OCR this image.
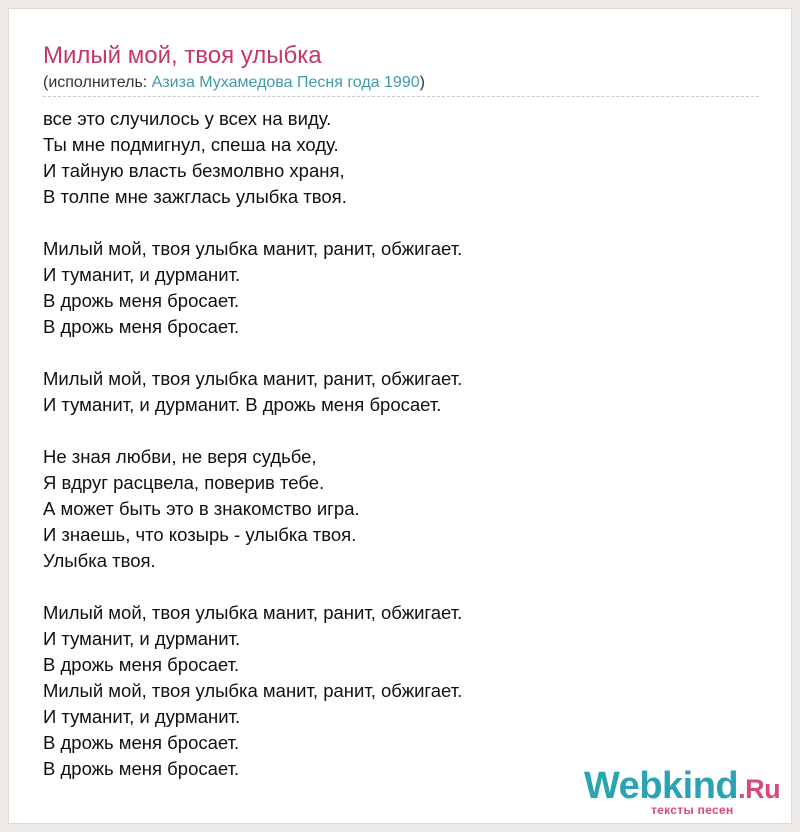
Милый мой, твоя улыбка
(исполнитель: Азиза Мухамедова Песня года 1990)
все это случилось у всех на виду.
Ты мне подмигнул, спеша на ходу.
И тайную власть безмолвно храня,
В толпе мне зажглась улыбка твоя.
Милый мой, твоя улыбка манит, ранит, обжигает.
И туманит, и дурманит.
В дрожь меня бросает.
В дрожь меня бросает.
Милый мой, твоя улыбка манит, ранит, обжигает.
И туманит, и дурманит. В дрожь меня бросает.
Не зная любви, не веря судьбе,
Я вдруг расцвела, поверив тебе.
А может быть это в знакомство игра.
И знаешь, что козырь - улыбка твоя.
Улыбка твоя.
Милый мой, твоя улыбка манит, ранит, обжигает.
И туманит, и дурманит.
В дрожь меня бросает.
Милый мой, твоя улыбка манит, ранит, обжигает.
И туманит, и дурманит.
В дрожь меня бросает.
В дрожь меня бросает.	Webkind.Ru
тексты песен
